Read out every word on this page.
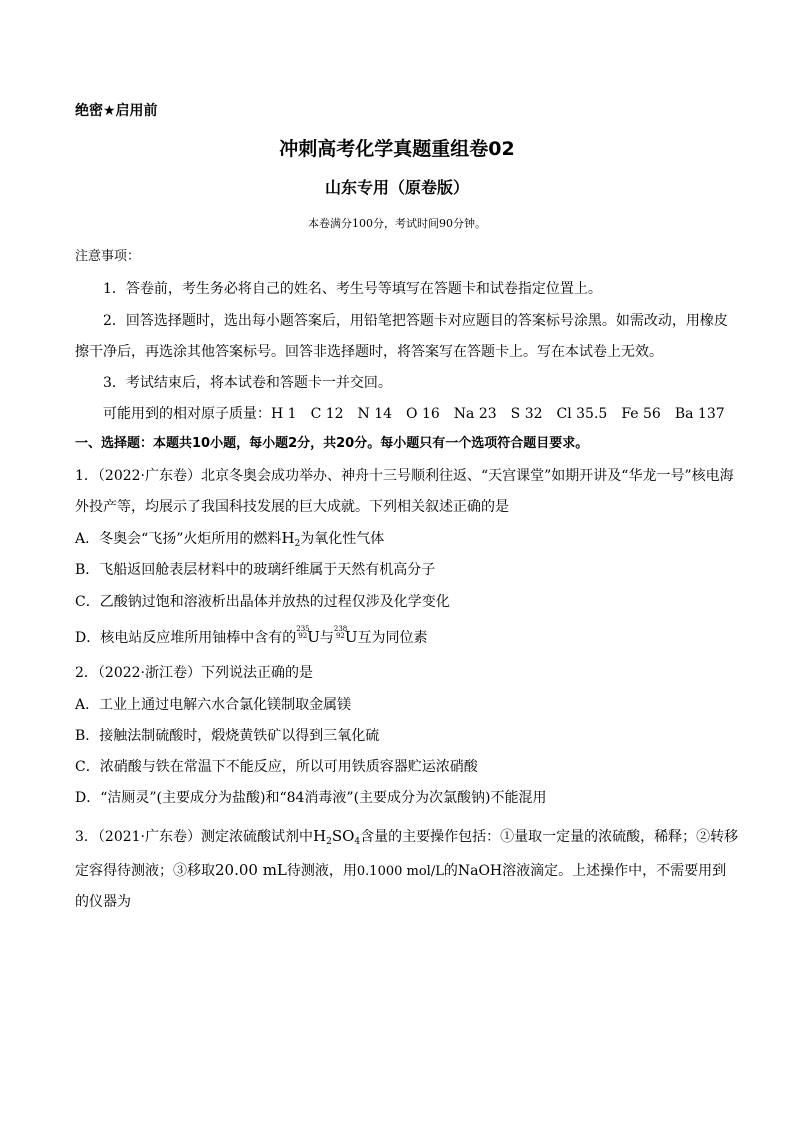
绝密★启用前
冲刺高考化学真题重组卷02
山东专用（原卷版）
本卷满分100分，考试时间90分钟。
注意事项：
1．答卷前，考生务必将自己的姓名、考生号等填写在答题卡和试卷指定位置上。
2．回答选择题时，选出每小题答案后，用铅笔把答题卡对应题目的答案标号涂黑。如需改动，用橡皮
擦干净后，再选涂其他答案标号。回答非选择题时，将答案写在答题卡上。写在本试卷上无效。
3．考试结束后，将本试卷和答题卡一并交回。
可能用到的相对原子质量：H 1　C 12　N 14　O 16　Na 23　S 32　Cl 35.5　Fe 56　Ba 137
一、选择题：本题共10小题，每小题2分，共20分。每小题只有一个选项符合题目要求。
1．（2022·广东卷）北京冬奥会成功举办、神舟十三号顺利往返、“天宫课堂”如期开讲及“华龙一号”核电海
外投产等，均展示了我国科技发展的巨大成就。下列相关叙述正确的是
A．冬奥会“飞扬”火炬所用的燃料$H_2$为氧化性气体
B．飞船返回舱表层材料中的玻璃纤维属于天然有机高分子
C．乙酸钠过饱和溶液析出晶体并放热的过程仅涉及化学变化
D．核电站反应堆所用铀棒中含有的
235
92 U与
238
92 U互为同位素
2．（2022·浙江卷）下列说法正确的是
A．工业上通过电解六水合氯化镁制取金属镁
B．接触法制硫酸时，煅烧黄铁矿以得到三氧化硫
C．浓硝酸与铁在常温下不能反应，所以可用铁质容器贮运浓硝酸
D．“洁厕灵”(主要成分为盐酸)和“84消毒液”(主要成分为次氯酸钠)不能混用
3．（2021·广东卷）测定浓硫酸试剂中$H_2SO_4$含量的主要操作包括：①量取一定量的浓硫酸，稀释；②转移
定容得待测液；③移取20.00 mL待测液，用0.1000 mol/L的NaOH溶液滴定。上述操作中，不需要用到
的仪器为
